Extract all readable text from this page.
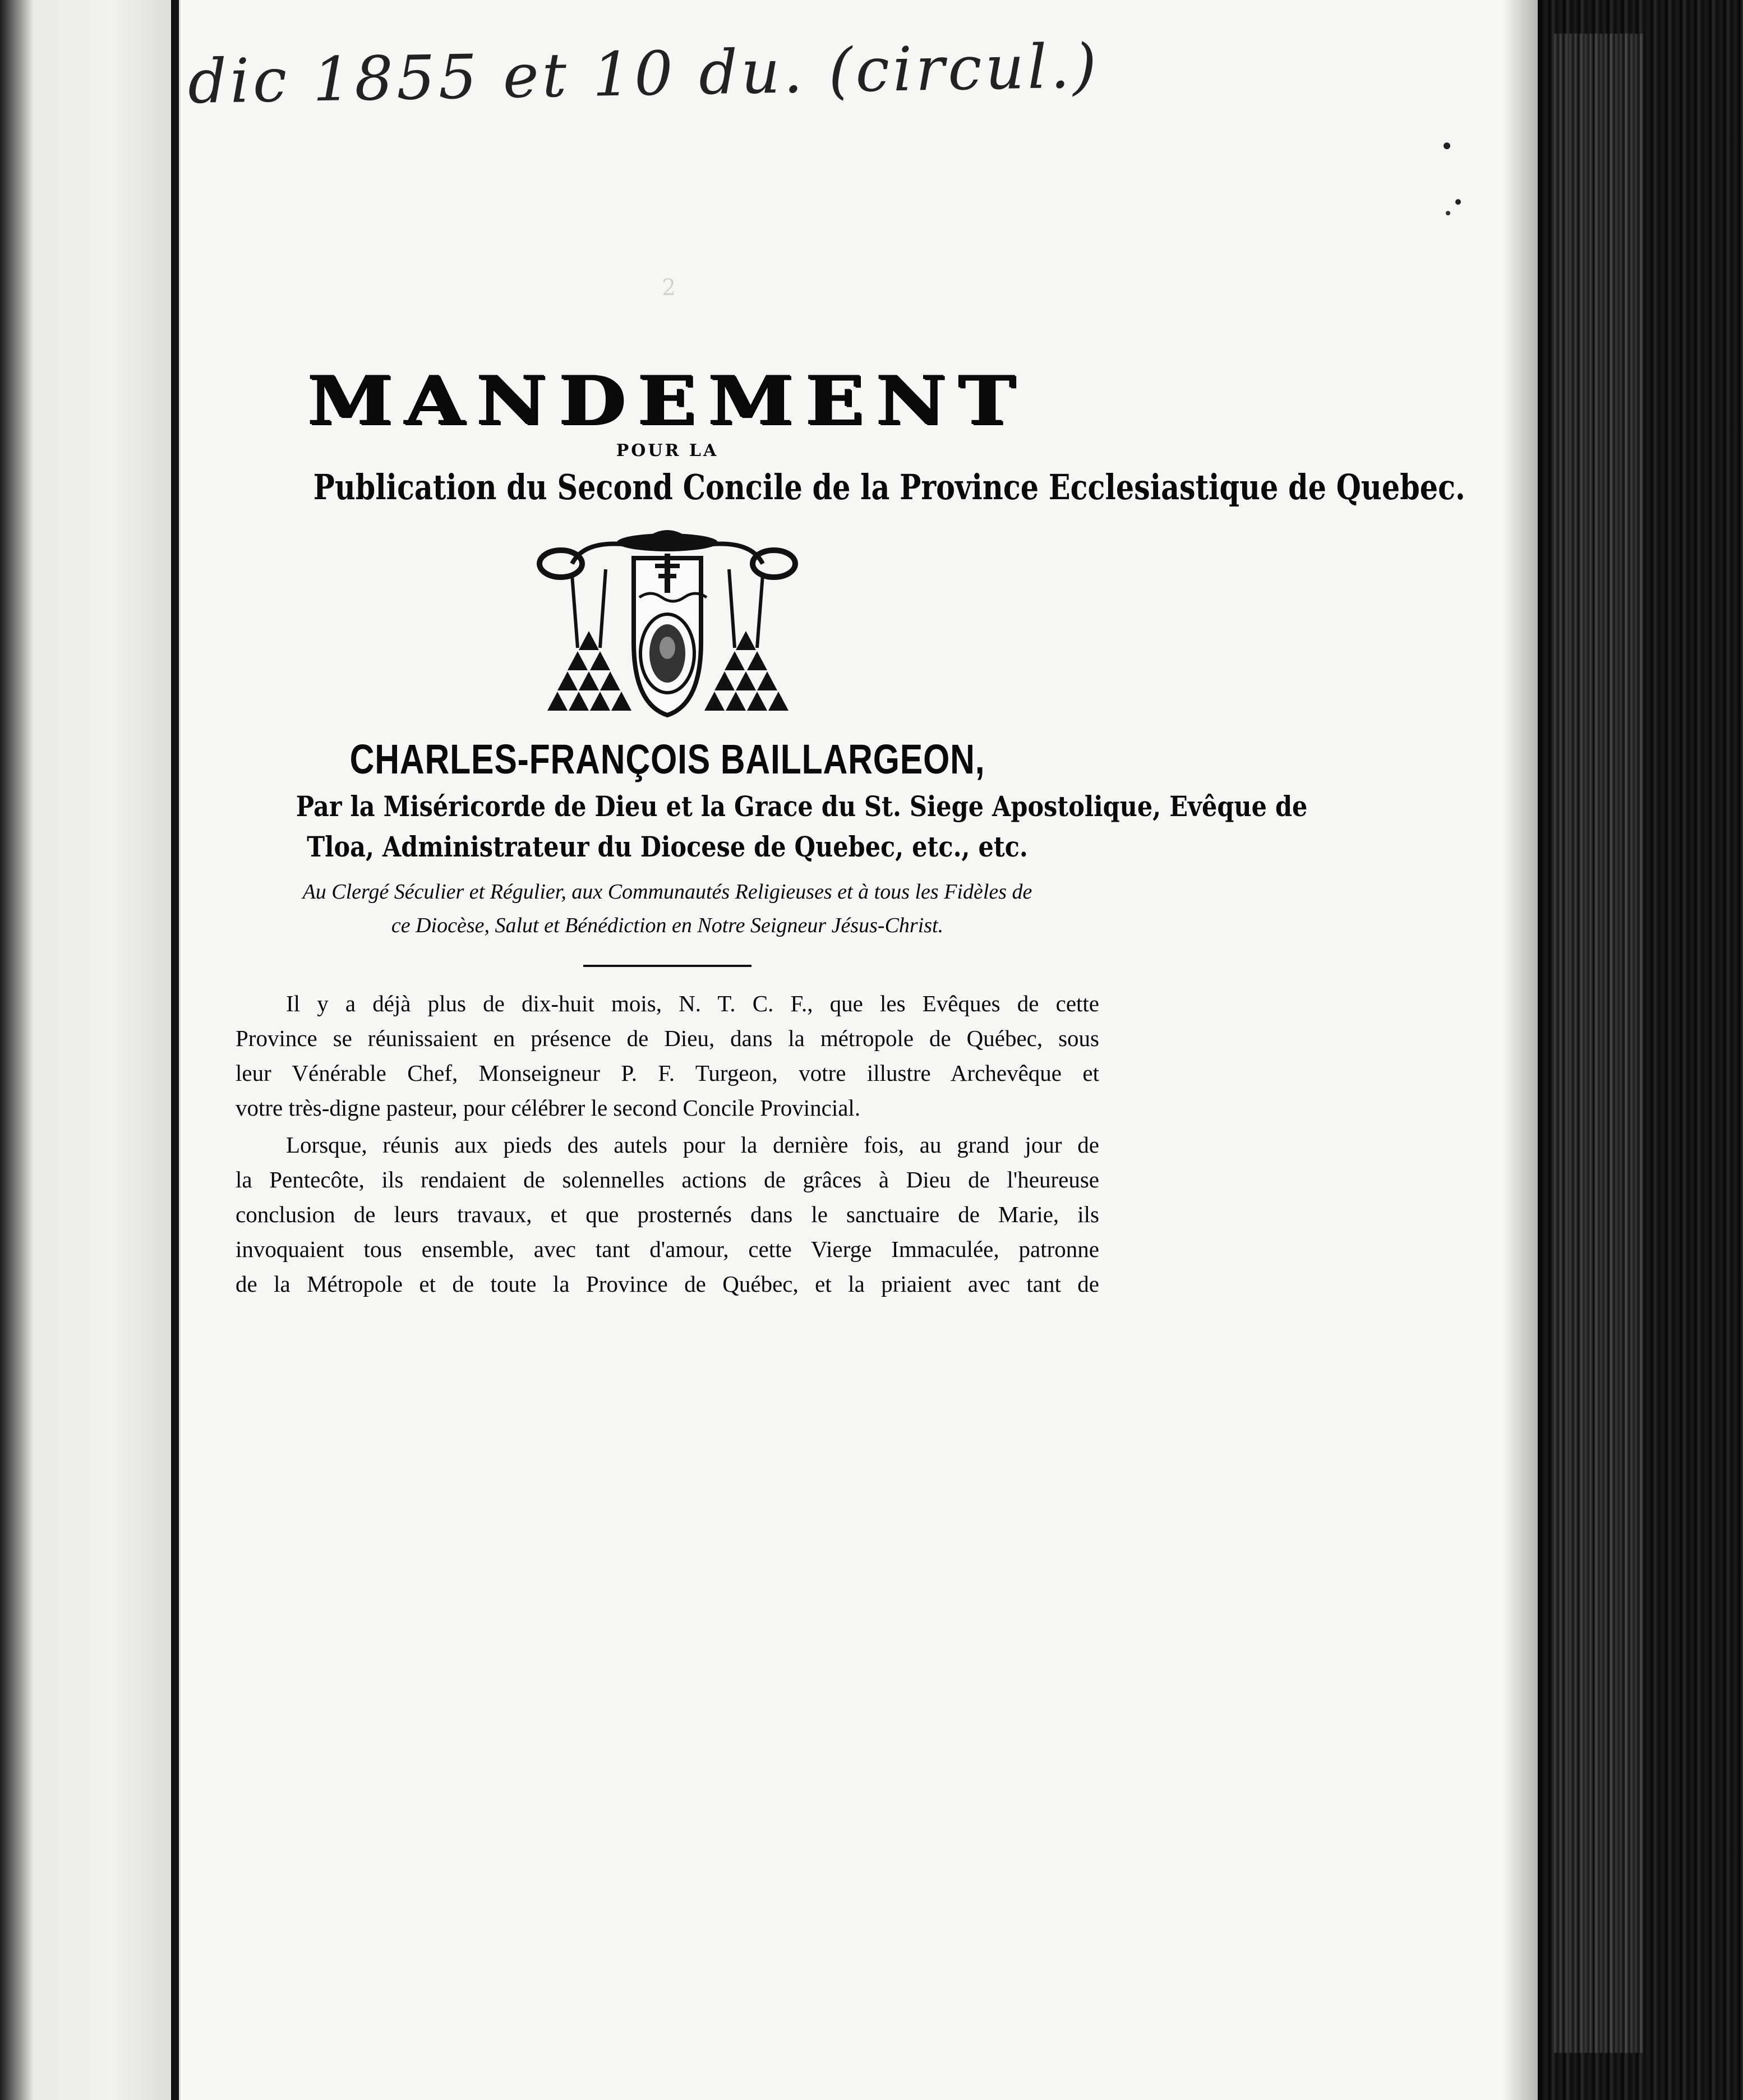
dic 1855 et 10 du. (circul.)
2
MANDEMENT
POUR LA
Publication du Second Concile de la Province Ecclesiastique de Quebec.
CHARLES-FRANÇOIS BAILLARGEON,
Par la Miséricorde de Dieu et la Grace du St. Siege Apostolique, Evêque de
Tloa, Administrateur du Diocese de Quebec, etc., etc.
Au Clergé Séculier et Régulier, aux Communautés Religieuses et à tous les Fidèles de
ce Diocèse, Salut et Bénédiction en Notre Seigneur Jésus-Christ.
Il y a déjà plus de dix-huit mois, N. T. C. F., que les Evêques de cette
Province se réunissaient en présence de Dieu, dans la métropole de Québec, sous
leur Vénérable Chef, Monseigneur P. F. Turgeon, votre illustre Archevêque et
votre très-digne pasteur, pour célébrer le second Concile Provincial.
Lorsque, réunis aux pieds des autels pour la dernière fois, au grand jour de
la Pentecôte, ils rendaient de solennelles actions de grâces à Dieu de l'heureuse
conclusion de leurs travaux, et que prosternés dans le sanctuaire de Marie, ils
invoquaient tous ensemble, avec tant d'amour, cette Vierge Immaculée, patronne
de la Métropole et de toute la Province de Québec, et la priaient avec tant de
